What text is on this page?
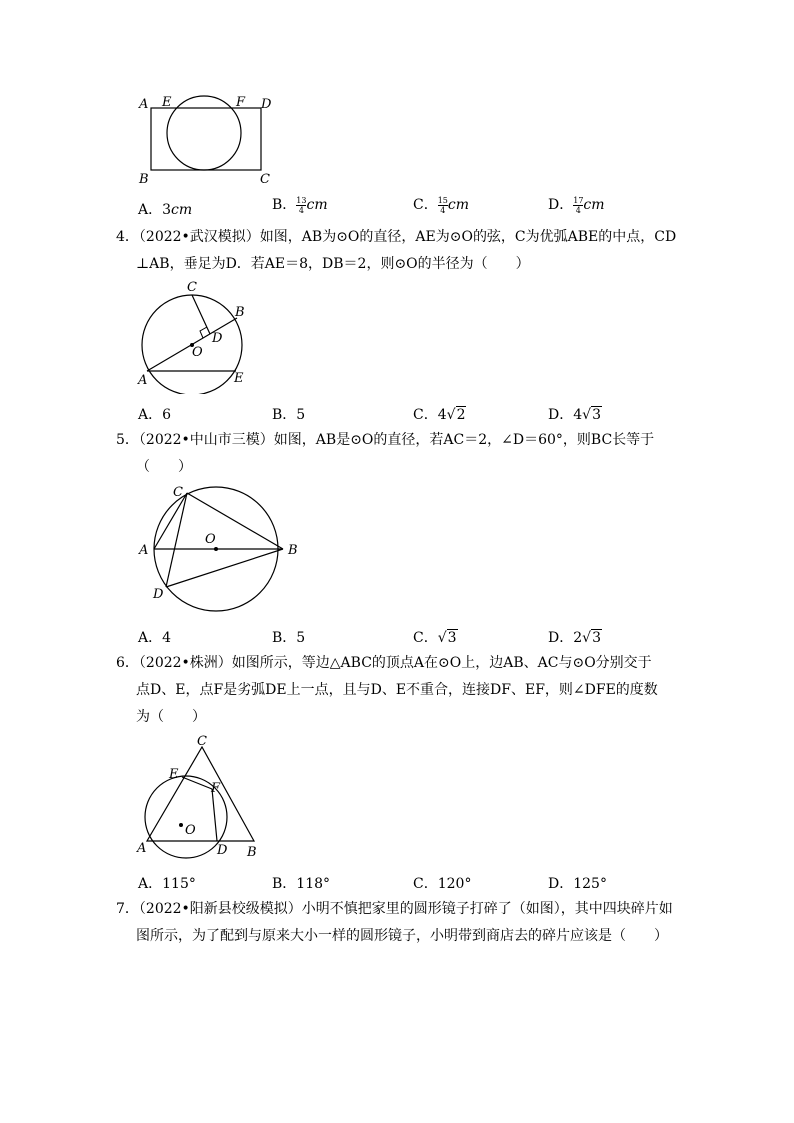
A E	F D
B	C
A．3cm	B． $\frac{13}{4}$ cm	C． $\frac{15}{4}$ cm	D． $\frac{17}{4}$ cm
4．（2022•武汉模拟）如图，AB为⊙O的直径，AE为⊙O的弦，C为优弧ABE的中点，CD
⊥AB，垂足为D．若AE＝8，DB＝2，则⊙O的半径为（　　）
C
B
D
O
A	E
A．6	B．5	C．4√2	D．4√3
5．（2022•中山市三模）如图，AB是⊙O的直径，若AC＝2，∠D＝60°，则BC长等于
（　　）
C
A
O
B
D
A．4	B．5	C．√3	D．2√3
6．（2022•株洲）如图所示，等边△ABC的顶点A在⊙O上，边AB、AC与⊙O分别交于
点D、E，点F是劣弧DE上一点，且与D、E不重合，连接DF、EF，则∠DFE的度数
为（　　）
C
E
F
O
A	D B
A．115°	B．118°	C．120°	D．125°
7．（2022•阳新县校级模拟）小明不慎把家里的圆形镜子打碎了（如图），其中四块碎片如
图所示，为了配到与原来大小一样的圆形镜子，小明带到商店去的碎片应该是（　　）
